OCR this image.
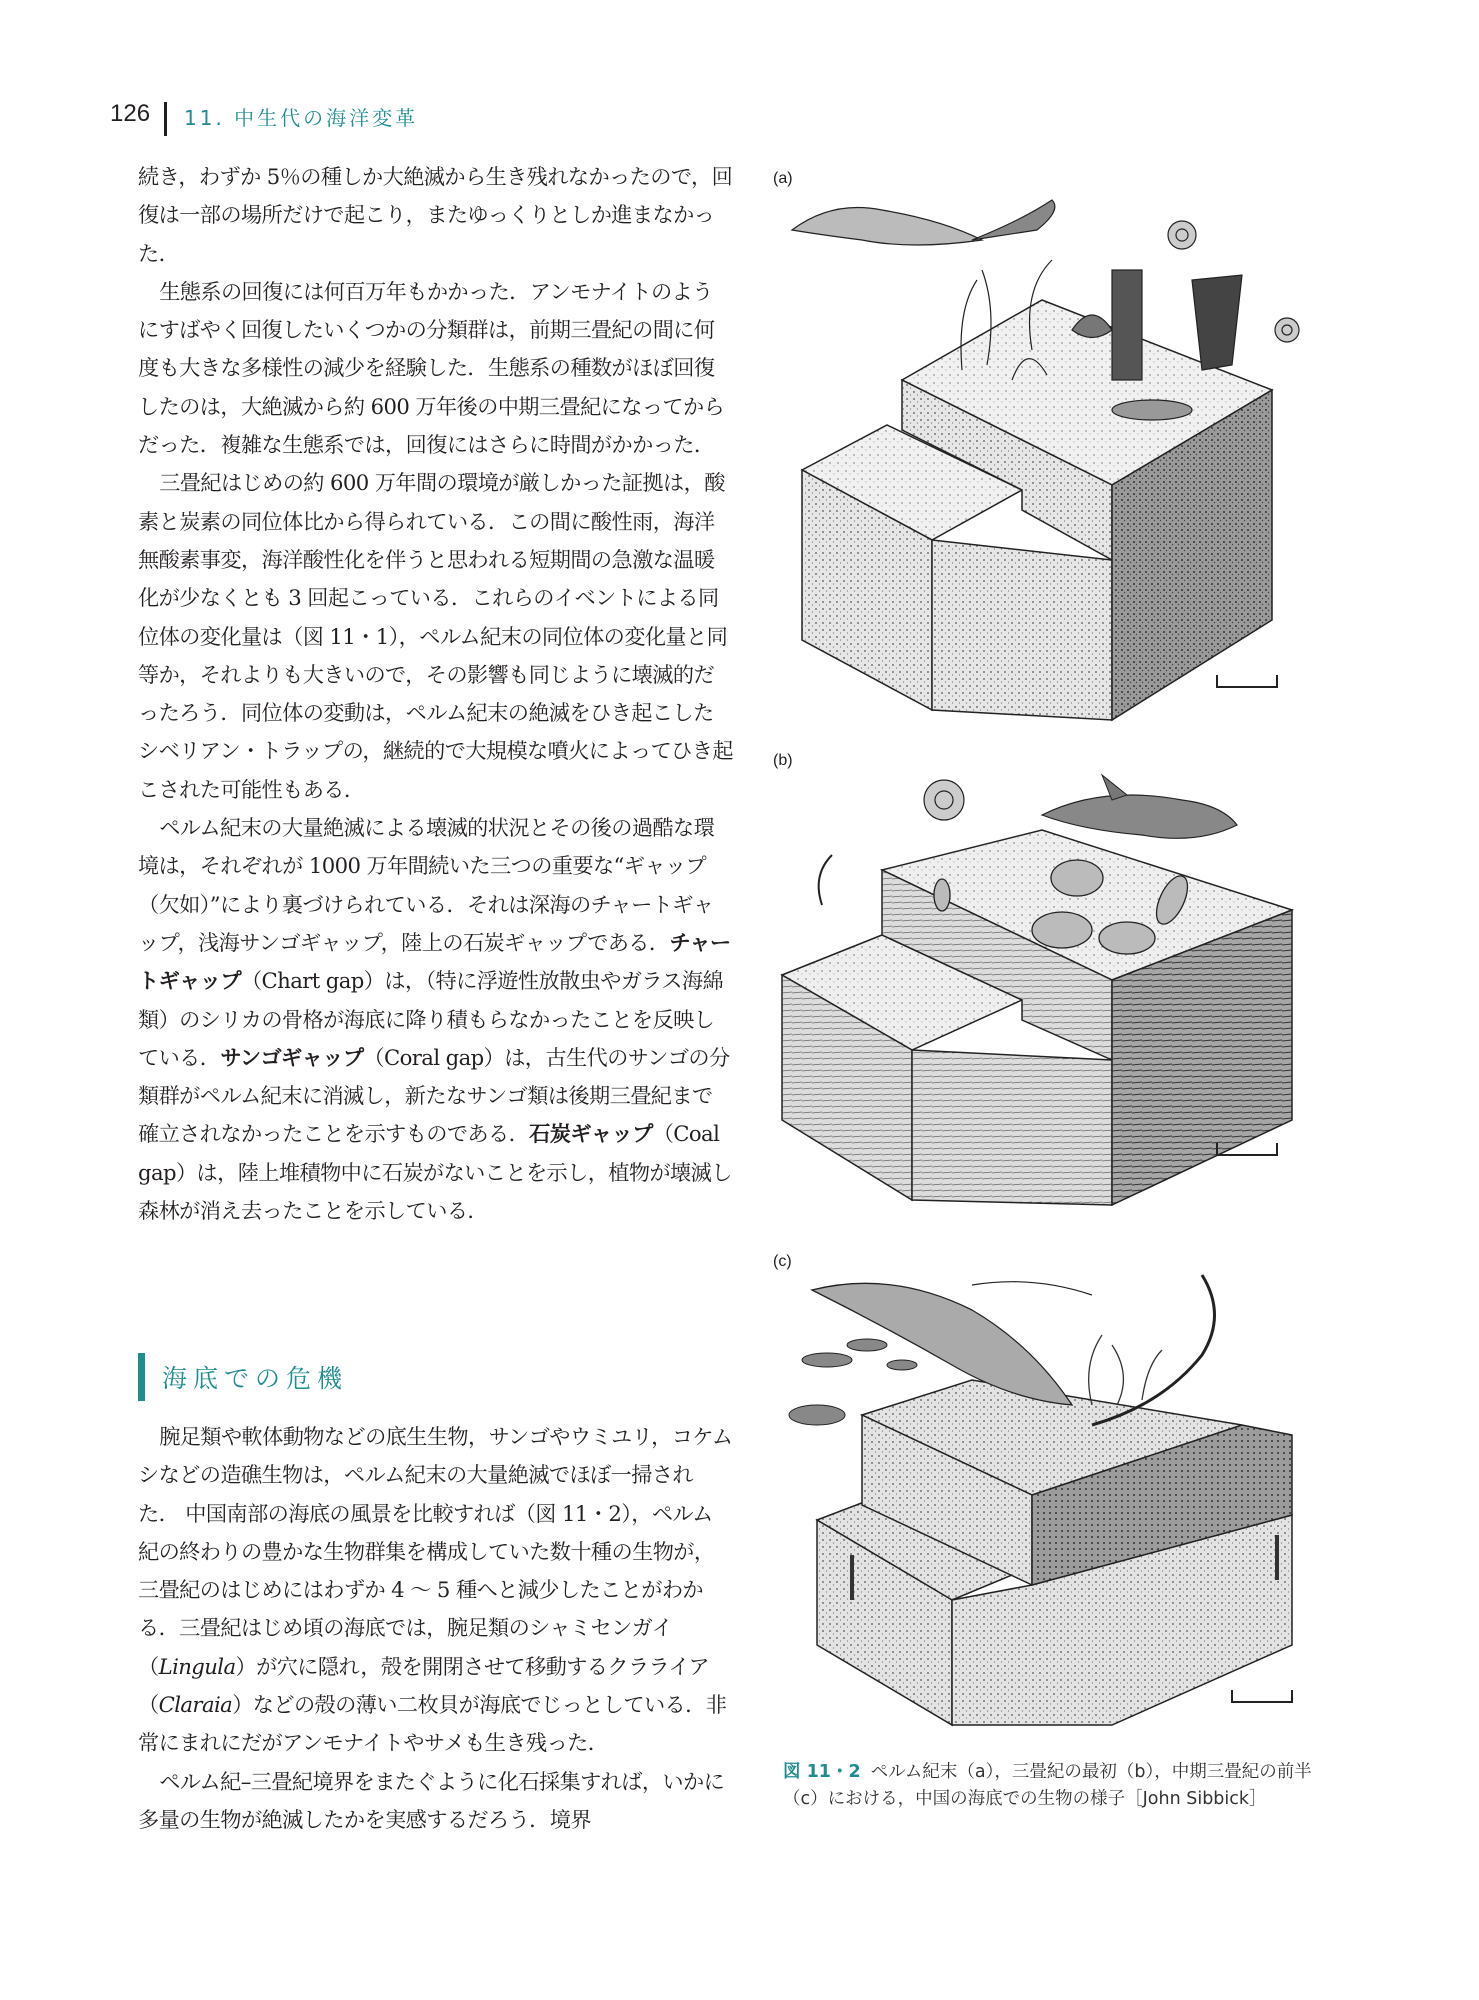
126 11. 中生代の海洋変革

続き，わずか 5％の種しか大絶滅から生き残れなかったので，回復は一部の場所だけで起こり，またゆっくりとしか進まなかった．

生態系の回復には何百万年もかかった．アンモナイトのようにすばやく回復したいくつかの分類群は，前期三畳紀の間に何度も大きな多様性の減少を経験した．生態系の種数がほぼ回復したのは，大絶滅から約 600 万年後の中期三畳紀になってからだった．複雑な生態系では，回復にはさらに時間がかかった．

三畳紀はじめの約 600 万年間の環境が厳しかった証拠は，酸素と炭素の同位体比から得られている．この間に酸性雨，海洋無酸素事変，海洋酸性化を伴うと思われる短期間の急激な温暖化が少なくとも 3 回起こっている．これらのイベントによる同位体の変化量は（図 11・1），ペルム紀末の同位体の変化量と同等か，それよりも大きいので，その影響も同じように壊滅的だったろう．同位体の変動は，ペルム紀末の絶滅をひき起こしたシベリアン・トラップの，継続的で大規模な噴火によってひき起こされた可能性もある．

ペルム紀末の大量絶滅による壊滅的状況とその後の過酷な環境は，それぞれが 1000 万年間続いた三つの重要な“ギャップ（欠如）”により裏づけられている．それは深海のチャートギャップ，浅海サンゴギャップ，陸上の石炭ギャップである．チャートギャップ（Chart gap）は，（特に浮遊性放散虫やガラス海綿類）のシリカの骨格が海底に降り積もらなかったことを反映している．サンゴギャップ（Coral gap）は，古生代のサンゴの分類群がペルム紀末に消滅し，新たなサンゴ類は後期三畳紀まで確立されなかったことを示すものである．石炭ギャップ（Coal gap）は，陸上堆積物中に石炭がないことを示し，植物が壊滅し森林が消え去ったことを示している．

海底での危機

腕足類や軟体動物などの底生生物，サンゴやウミユリ，コケムシなどの造礁生物は，ペルム紀末の大量絶滅でほぼ一掃された． 中国南部の海底の風景を比較すれば（図 11・2），ペルム紀の終わりの豊かな生物群集を構成していた数十種の生物が，三畳紀のはじめにはわずか 4 ～ 5 種へと減少したことがわかる．三畳紀はじめ頃の海底では，腕足類のシャミセンガイ（Lingula）が穴に隠れ，殻を開閉させて移動するクラライア（Claraia）などの殻の薄い二枚貝が海底でじっとしている．非常にまれにだがアンモナイトやサメも生き残った．

ペルム紀–三畳紀境界をまたぐように化石採集すれば，いかに多量の生物が絶滅したかを実感するだろう．境界

(a)
(b)
(c)
図 11・2 ペルム紀末（a），三畳紀の最初（b），中期三畳紀の前半（c）における，中国の海底での生物の様子［John Sibbick］
